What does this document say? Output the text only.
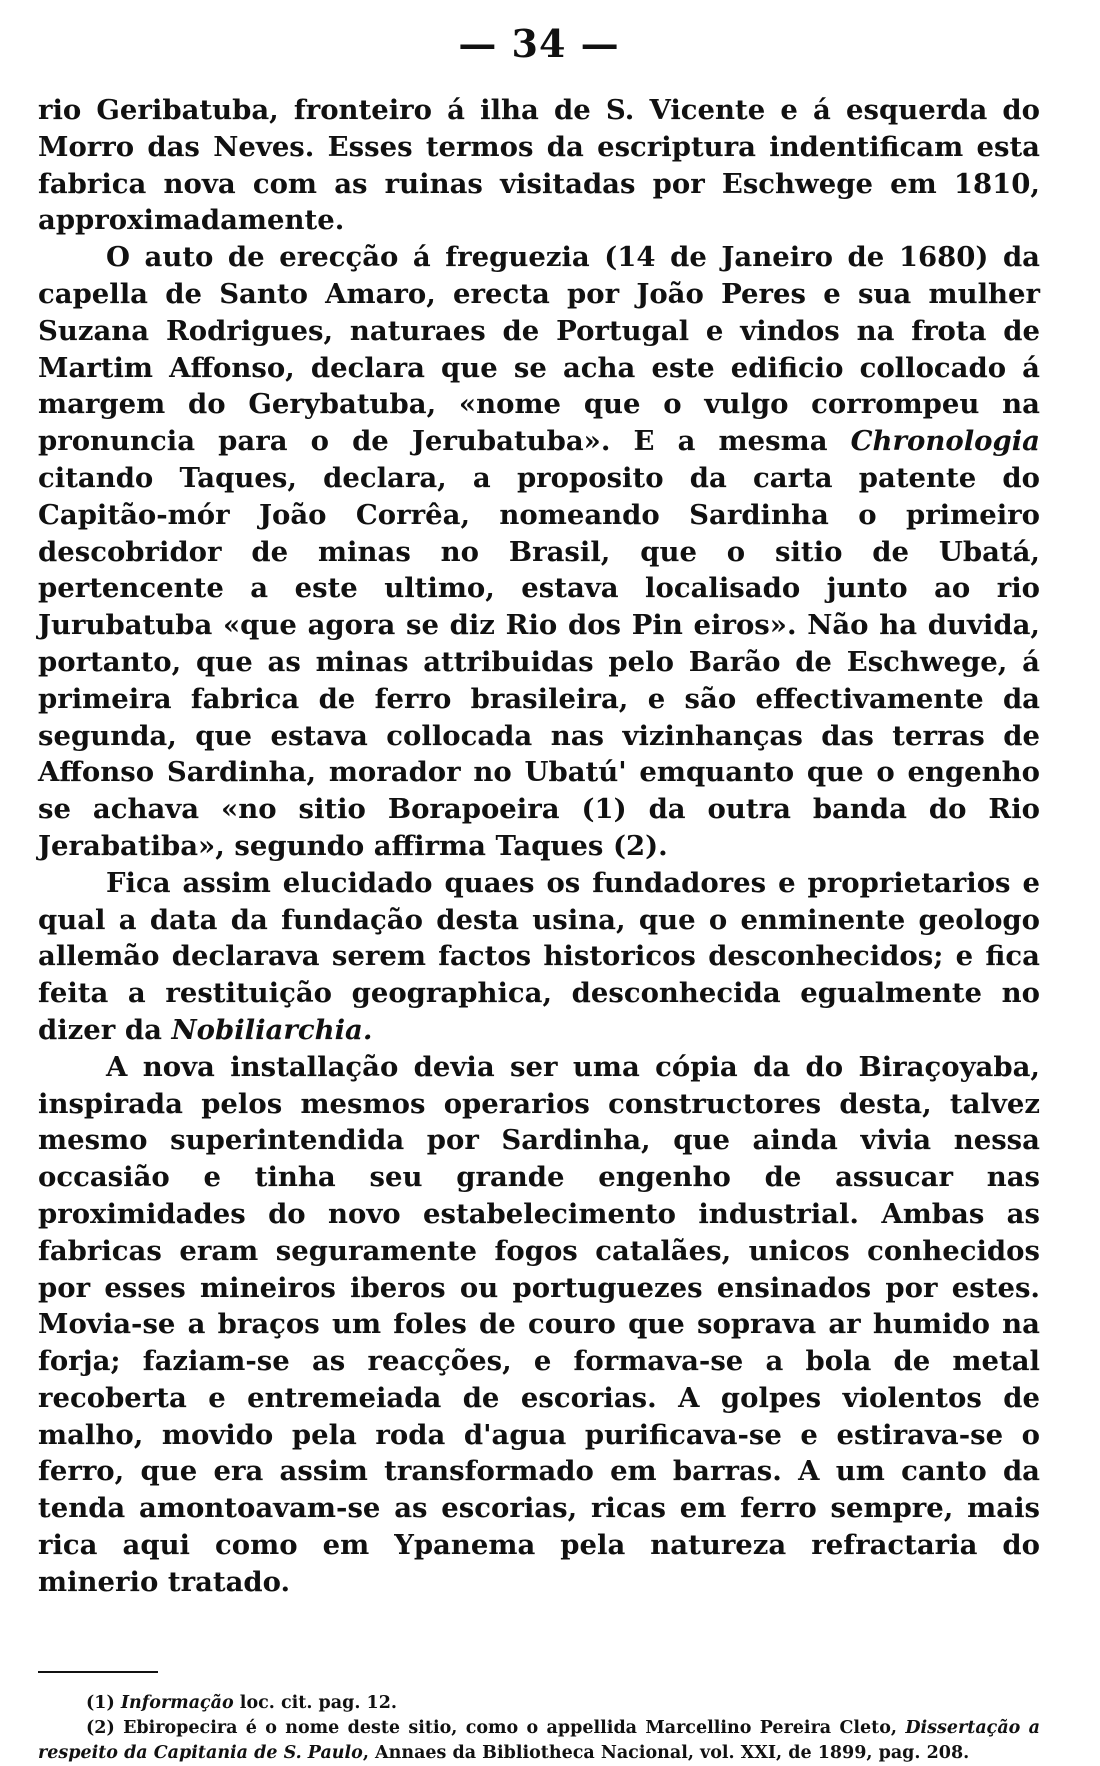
— 34 —

rio Geribatuba, fronteiro á ilha de S. Vicente e á esquerda do Morro das Neves. Esses termos da escriptura indentificam esta fabrica nova com as ruinas visitadas por Eschwege em 1810, approximadamente.

O auto de erecção á freguezia (14 de Janeiro de 1680) da capella de Santo Amaro, erecta por João Peres e sua mulher Suzana Rodrigues, naturaes de Portugal e vindos na frota de Martim Affonso, declara que se acha este edificio collocado á margem do Gerybatuba, «nome que o vulgo corrompeu na pronuncia para o de Jerubatuba». E a mesma Chronologia citando Taques, declara, a proposito da carta patente do Capitão-mór João Corrêa, nomeando Sardinha o primeiro descobridor de minas no Brasil, que o sitio de Ubatá, pertencente a este ultimo, estava localisado junto ao rio Jurubatuba «que agora se diz Rio dos Pin eiros». Não ha duvida, portanto, que as minas attribuidas pelo Barão de Eschwege, á primeira fabrica de ferro brasileira, e são effectivamente da segunda, que estava collocada nas vizinhanças das terras de Affonso Sardinha, morador no Ubatú' emquanto que o engenho se achava «no sitio Borapoeira (1) da outra banda do Rio Jerabatiba», segundo affirma Taques (2).

Fica assim elucidado quaes os fundadores e proprietarios e qual a data da fundação desta usina, que o enminente geologo allemão declarava serem factos historicos desconhecidos; e fica feita a restituição geographica, desconhecida egualmente no dizer da Nobiliarchia.

A nova installação devia ser uma cópia da do Biraçoyaba, inspirada pelos mesmos operarios constructores desta, talvez mesmo superintendida por Sardinha, que ainda vivia nessa occasião e tinha seu grande engenho de assucar nas proximidades do novo estabelecimento industrial. Ambas as fabricas eram seguramente fogos catalães, unicos conhecidos por esses mineiros iberos ou portuguezes ensinados por estes. Movia-se a braços um foles de couro que soprava ar humido na forja; faziam-se as reacções, e formava-se a bola de metal recoberta e entremeiada de escorias. A golpes violentos de malho, movido pela roda d'agua purificava-se e estirava-se o ferro, que era assim transformado em barras. A um canto da tenda amontoavam-se as escorias, ricas em ferro sempre, mais rica aqui como em Ypanema pela natureza refractaria do minerio tratado.

(1) Informação loc. cit. pag. 12.

(2) Ebiropecira é o nome deste sitio, como o appellida Marcellino Pereira Cleto, Dissertação a respeito da Capitania de S. Paulo, Annaes da Bibliotheca Nacional, vol. XXI, de 1899, pag. 208.
